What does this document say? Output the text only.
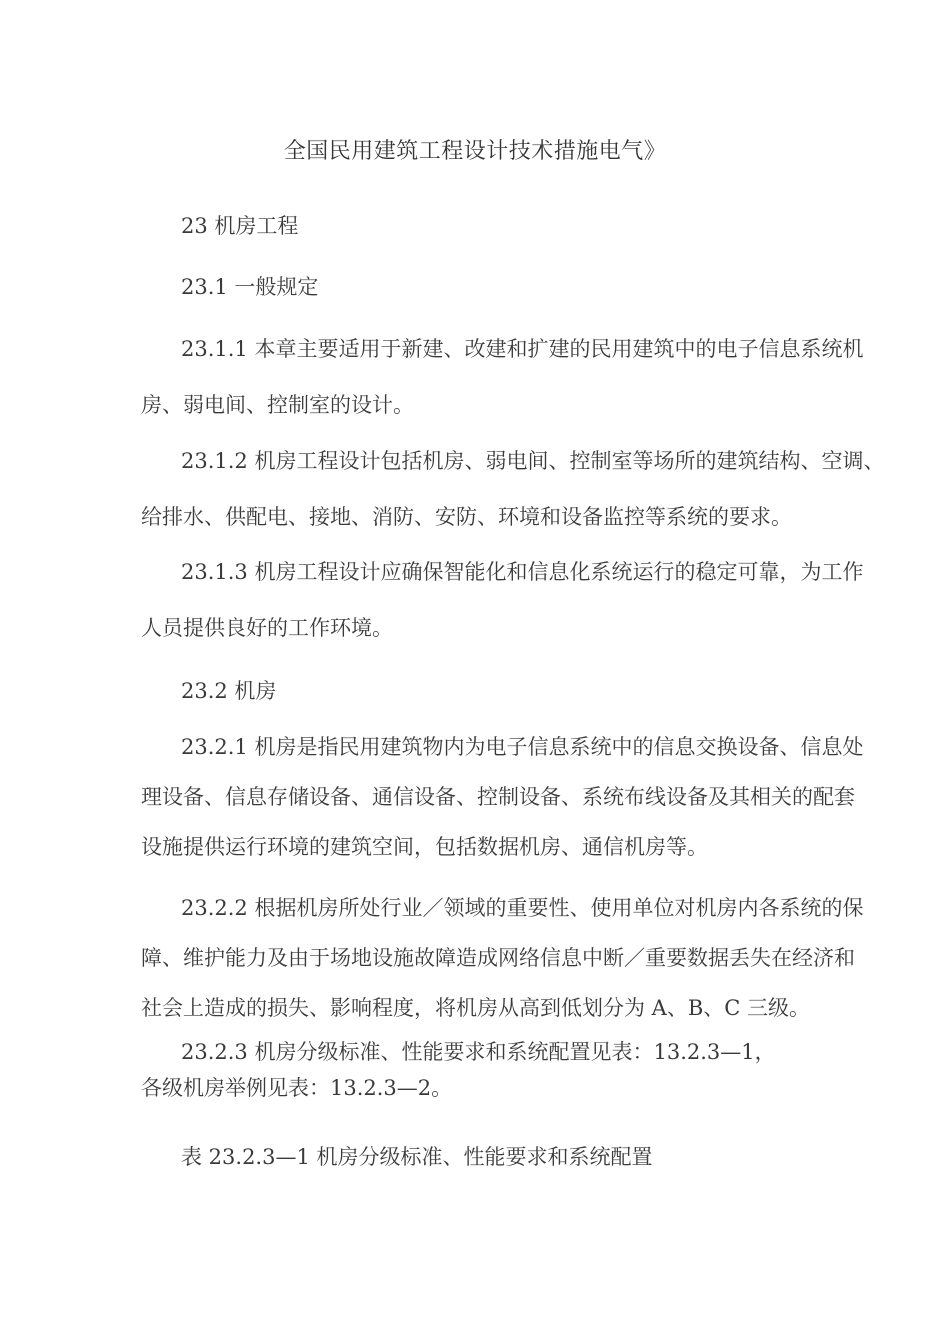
全国民用建筑工程设计技术措施电气》
23 机房工程
23.1 一般规定
23.1.1 本章主要适用于新建、改建和扩建的民用建筑中的电子信息系统机
房、弱电间、控制室的设计。
23.1.2 机房工程设计包括机房、弱电间、控制室等场所的建筑结构、空调、
给排水、供配电、接地、消防、安防、环境和设备监控等系统的要求。
23.1.3 机房工程设计应确保智能化和信息化系统运行的稳定可靠，为工作
人员提供良好的工作环境。
23.2 机房
23.2.1 机房是指民用建筑物内为电子信息系统中的信息交换设备、信息处
理设备、信息存储设备、通信设备、控制设备、系统布线设备及其相关的配套
设施提供运行环境的建筑空间，包括数据机房、通信机房等。
23.2.2 根据机房所处行业／领域的重要性、使用单位对机房内各系统的保
障、维护能力及由于场地设施故障造成网络信息中断／重要数据丢失在经济和
社会上造成的损失、影响程度，将机房从高到低划分为 A、B、C 三级。
23.2.3 机房分级标准、性能要求和系统配置见表：13.2.3—1，
各级机房举例见表：13.2.3—2。
表 23.2.3—1 机房分级标准、性能要求和系统配置
